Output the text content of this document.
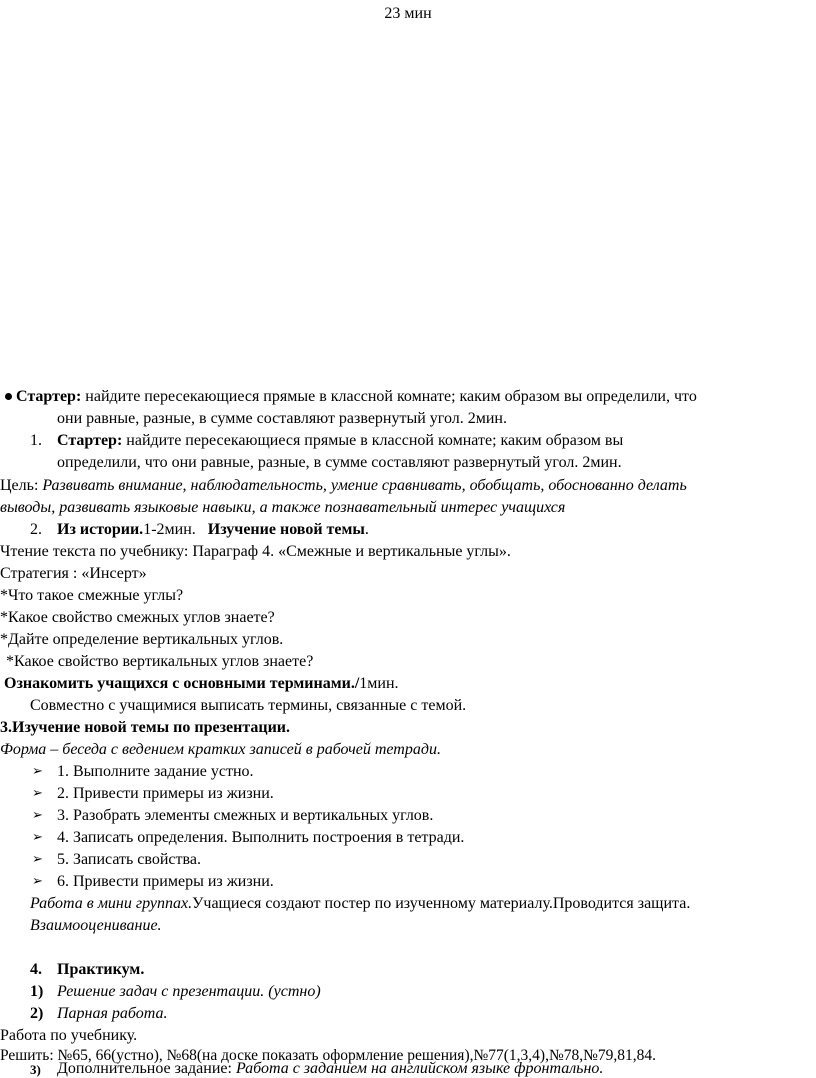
23 мин
Стартер: найдите пересекающиеся прямые в классной комнате; каким образом вы определили, что
они равные, разные, в сумме составляют развернутый угол. 2мин.
1. Стартер: найдите пересекающиеся прямые в классной комнате; каким образом вы
определили, что они равные, разные, в сумме составляют развернутый угол. 2мин.
Цель: Развивать внимание, наблюдательность, умение сравнивать, обобщать, обоснованно делать
выводы, развивать языковые навыки, а также познавательный интерес учащихся
2. Из истории.1-2мин. Изучение новой темы.
Чтение текста по учебнику: Параграф 4. «Смежные и вертикальные углы».
Стратегия : «Инсерт»
*Что такое смежные углы?
*Какое свойство смежных углов знаете?
*Дайте определение вертикальных углов.
*Какое свойство вертикальных углов знаете?
Ознакомить учащихся с основными терминами./1мин.
Совместно с учащимися выписать термины, связанные с темой.
3.Изучение новой темы по презентации.
Форма – беседа с ведением кратких записей в рабочей тетради.
➢ 1. Выполните задание устно.
➢ 2. Привести примеры из жизни.
➢ 3. Разобрать элементы смежных и вертикальных углов.
➢ 4. Записать определения. Выполнить построения в тетради.
➢ 5. Записать свойства.
➢ 6. Привести примеры из жизни.
Работа в мини группах.Учащиеся создают постер по изученному материалу.Проводится защита.
Взаимооценивание.
4. Практикум.
1) Решение задач с презентации. (устно)
2) Парная работа.
Работа по учебнику.
Решить: №65, 66(устно), №68(на доске показать оформление решения),№77(1,3,4),№78,№79,81,84.
3) Дополнительное задание: Работа с заданием на английском языке фронтально.
